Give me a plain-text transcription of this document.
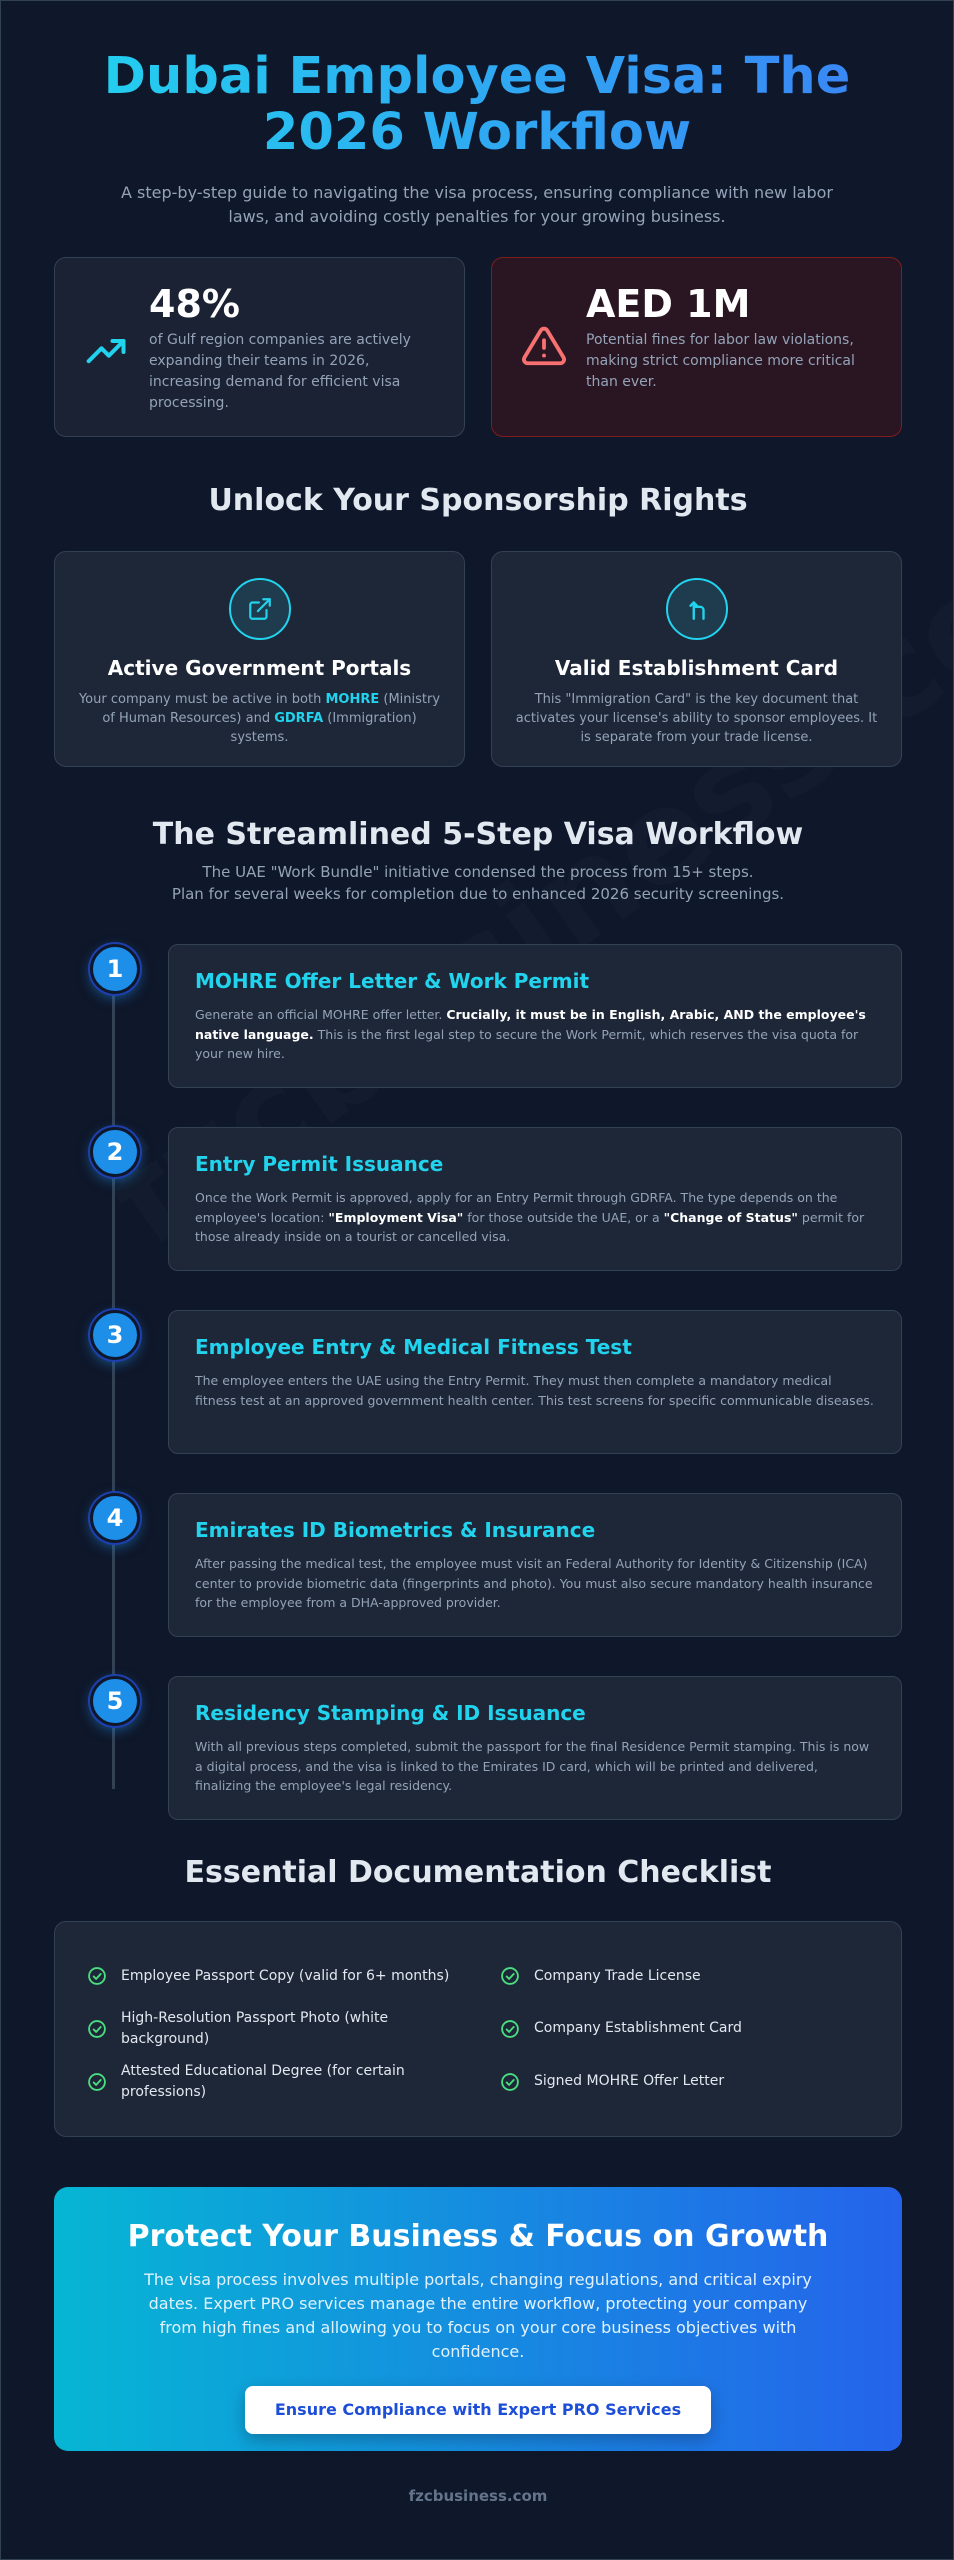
Dubai Employee Visa: The 2026 Workflow

A step-by-step guide to navigating the visa process, ensuring compliance with new labor laws, and avoiding costly penalties for your growing business.

48%
of Gulf region companies are actively expanding their teams in 2026, increasing demand for efficient visa processing.
AED 1M
Potential fines for labor law violations, making strict compliance more critical than ever.
Unlock Your Sponsorship Rights
Active Government Portals

Your company must be active in both MOHRE (Ministry of Human Resources) and GDRFA (Immigration) systems.

Valid Establishment Card

This "Immigration Card" is the key document that activates your license's ability to sponsor employees. It is separate from your trade license.

The Streamlined 5-Step Visa Workflow
The UAE "Work Bundle" initiative condensed the process from 15+ steps.
Plan for several weeks for completion due to enhanced 2026 security screenings.
1	MOHRE Offer Letter & Work Permit

Generate an official MOHRE offer letter. Crucially, it must be in English, Arabic, AND the employee's native language. This is the first legal step to secure the Work Permit, which reserves the visa quota for your new hire.

2	Entry Permit Issuance

Once the Work Permit is approved, apply for an Entry Permit through GDRFA. The type depends on the employee's location: "Employment Visa" for those outside the UAE, or a "Change of Status" permit for those already inside on a tourist or cancelled visa.

3	Employee Entry & Medical Fitness Test

The employee enters the UAE using the Entry Permit. They must then complete a mandatory medical fitness test at an approved government health center. This test screens for specific communicable diseases.

4	Emirates ID Biometrics & Insurance

After passing the medical test, the employee must visit an Federal Authority for Identity & Citizenship (ICA) center to provide biometric data (fingerprints and photo). You must also secure mandatory health insurance for the employee from a DHA-approved provider.

5	Residency Stamping & ID Issuance

With all previous steps completed, submit the passport for the final Residence Permit stamping. This is now a digital process, and the visa is linked to the Emirates ID card, which will be printed and delivered, finalizing the employee's legal residency.

Essential Documentation Checklist
Employee Passport Copy (valid for 6+ months)	Company Trade License
High-Resolution Passport Photo (white background)
Company Establishment Card
Attested Educational Degree (for certain professions)
Signed MOHRE Offer Letter
Protect Your Business & Focus on Growth

The visa process involves multiple portals, changing regulations, and critical expiry dates. Expert PRO services manage the entire workflow, protecting your company from high fines and allowing you to focus on your core business objectives with confidence.

Ensure Compliance with Expert PRO Services
fzcbusiness.com
